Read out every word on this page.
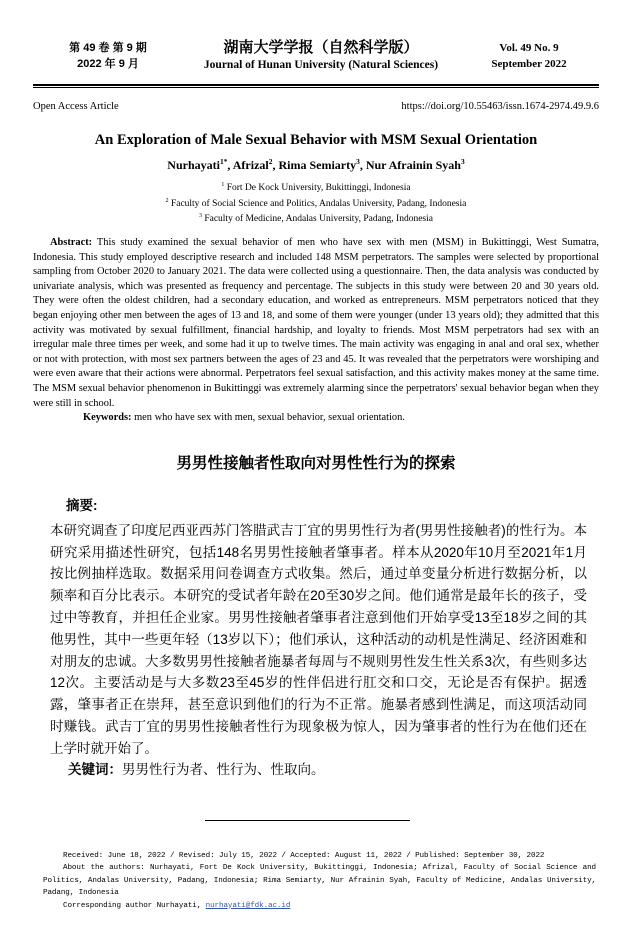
第 49 卷 第 9 期
2022 年 9 月
湖南大学学报（自然科学版）
Journal of Hunan University (Natural Sciences)
Vol. 49 No. 9
September 2022
Open Access Article	https://doi.org/10.55463/issn.1674-2974.49.9.6
An Exploration of Male Sexual Behavior with MSM Sexual Orientation
Nurhayati$^{1*}$, Afrizal$^2$, Rima Semiarty$^3$, Nur Afrainin Syah$^3$
$^1$ Fort De Kock University, Bukittinggi, Indonesia
$^2$ Faculty of Social Science and Politics, Andalas University, Padang, Indonesia
$^3$ Faculty of Medicine, Andalas University, Padang, Indonesia

Abstract: This study examined the sexual behavior of men who have sex with men (MSM) in Bukittinggi, West Sumatra, Indonesia. This study employed descriptive research and included 148 MSM perpetrators. The samples were selected by proportional sampling from October 2020 to January 2021. The data were collected using a questionnaire. Then, the data analysis was conducted by univariate analysis, which was presented as frequency and percentage. The subjects in this study were between 20 and 30 years old. They were often the oldest children, had a secondary education, and worked as entrepreneurs. MSM perpetrators noticed that they began enjoying other men between the ages of 13 and 18, and some of them were younger (under 13 years old); they admitted that this activity was motivated by sexual fulfillment, financial hardship, and loyalty to friends. Most MSM perpetrators had sex with an irregular male three times per week, and some had it up to twelve times. The main activity was engaging in anal and oral sex, whether or not with protection, with most sex partners between the ages of 23 and 45. It was revealed that the perpetrators were worshiping and were even aware that their actions were abnormal. Perpetrators feel sexual satisfaction, and this activity makes money at the same time. The MSM sexual behavior phenomenon in Bukittinggi was extremely alarming since the perpetrators' sexual behavior began when they were still in school.

Keywords: men who have sex with men, sexual behavior, sexual orientation.

男男性接触者性取向对男性性行为的探索

摘要:

本研究调查了印度尼西亚西苏门答腊武吉丁宜的男男性行为者(男男性接触者)的性行为。本研究采用描述性研究，包括148名男男性接触者肇事者。样本从2020年10月至2021年1月按比例抽样选取。数据采用问卷调查方式收集。然后，通过单变量分析进行数据分析，以频率和百分比表示。本研究的受试者年龄在20至30岁之间。他们通常是最年长的孩子，受过中等教育，并担任企业家。男男性接触者肇事者注意到他们开始享受13至18岁之间的其他男性，其中一些更年轻（13岁以下）；他们承认，这种活动的动机是性满足、经济困难和对朋友的忠诚。大多数男男性接触者施暴者每周与不规则男性发生性关系3次，有些则多达12次。主要活动是与大多数23至45岁的性伴侣进行肛交和口交，无论是否有保护。据透露，肇事者正在崇拜，甚至意识到他们的行为不正常。施暴者感到性满足，而这项活动同时赚钱。武吉丁宜的男男性接触者性行为现象极为惊人，因为肇事者的性行为在他们还在上学时就开始了。

关键词：男男性行为者、性行为、性取向。

Received: June 18, 2022 / Revised: July 15, 2022 / Accepted: August 11, 2022 / Published: September 30, 2022

About the authors: Nurhayati, Fort De Kock University, Bukittinggi, Indonesia; Afrizal, Faculty of Social Science and Politics, Andalas University, Padang, Indonesia; Rima Semiarty, Nur Afrainin Syah, Faculty of Medicine, Andalas University, Padang, Indonesia

Corresponding author Nurhayati, nurhayati@fdk.ac.id
